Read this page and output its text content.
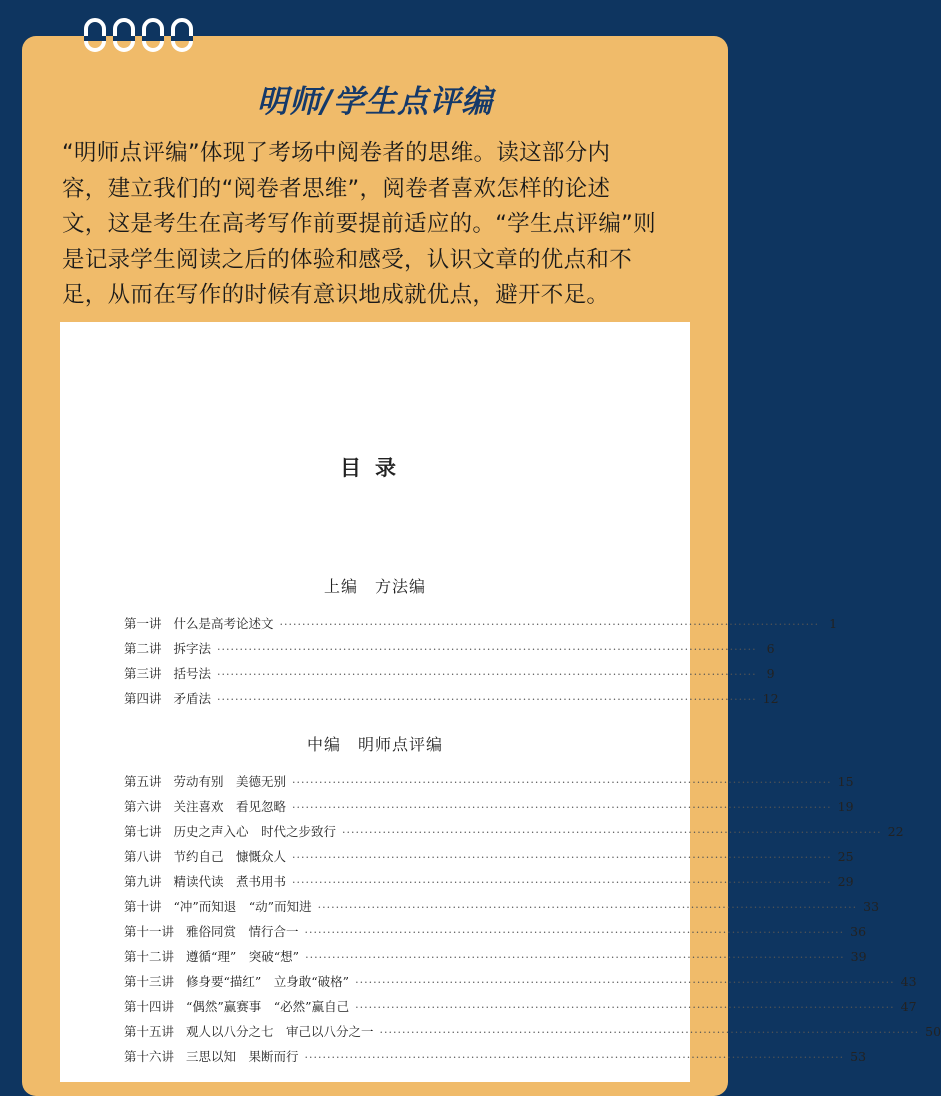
明师/学生点评编
“明师点评编”体现了考场中阅卷者的思维。读这部分内
容，建立我们的“阅卷者思维”，阅卷者喜欢怎样的论述
文，这是考生在高考写作前要提前适应的。“学生点评编”则
是记录学生阅读之后的体验和感受，认识文章的优点和不
足，从而在写作的时候有意识地成就优点，避开不足。
目录
上编　方法编
第一讲 什么是高考论述文 ························································································································ 1
第二讲 拆字法 ························································································································ 6
第三讲 括号法 ························································································································ 9
第四讲 矛盾法 ························································································································ 12
中编　明师点评编
第五讲 劳动有别　美德无别 ························································································································ 15
第六讲 关注喜欢　看见忽略 ························································································································ 19
第七讲 历史之声入心　时代之步致行 ························································································································ 22
第八讲 节约自己　慷慨众人 ························································································································ 25
第九讲 精读代读　煮书用书 ························································································································ 29
第十讲 “冲”而知退　“动”而知进 ························································································································ 33
第十一讲 雅俗同赏　情行合一 ························································································································ 36
第十二讲 遵循“理”　突破“想” ························································································································ 39
第十三讲 修身要“描红”　立身敢“破格” ························································································································ 43
第十四讲 “偶然”赢赛事　“必然”赢自己 ························································································································ 47
第十五讲 观人以八分之七　审己以八分之一 ························································································································ 50
第十六讲 三思以知　果断而行 ························································································································ 53
